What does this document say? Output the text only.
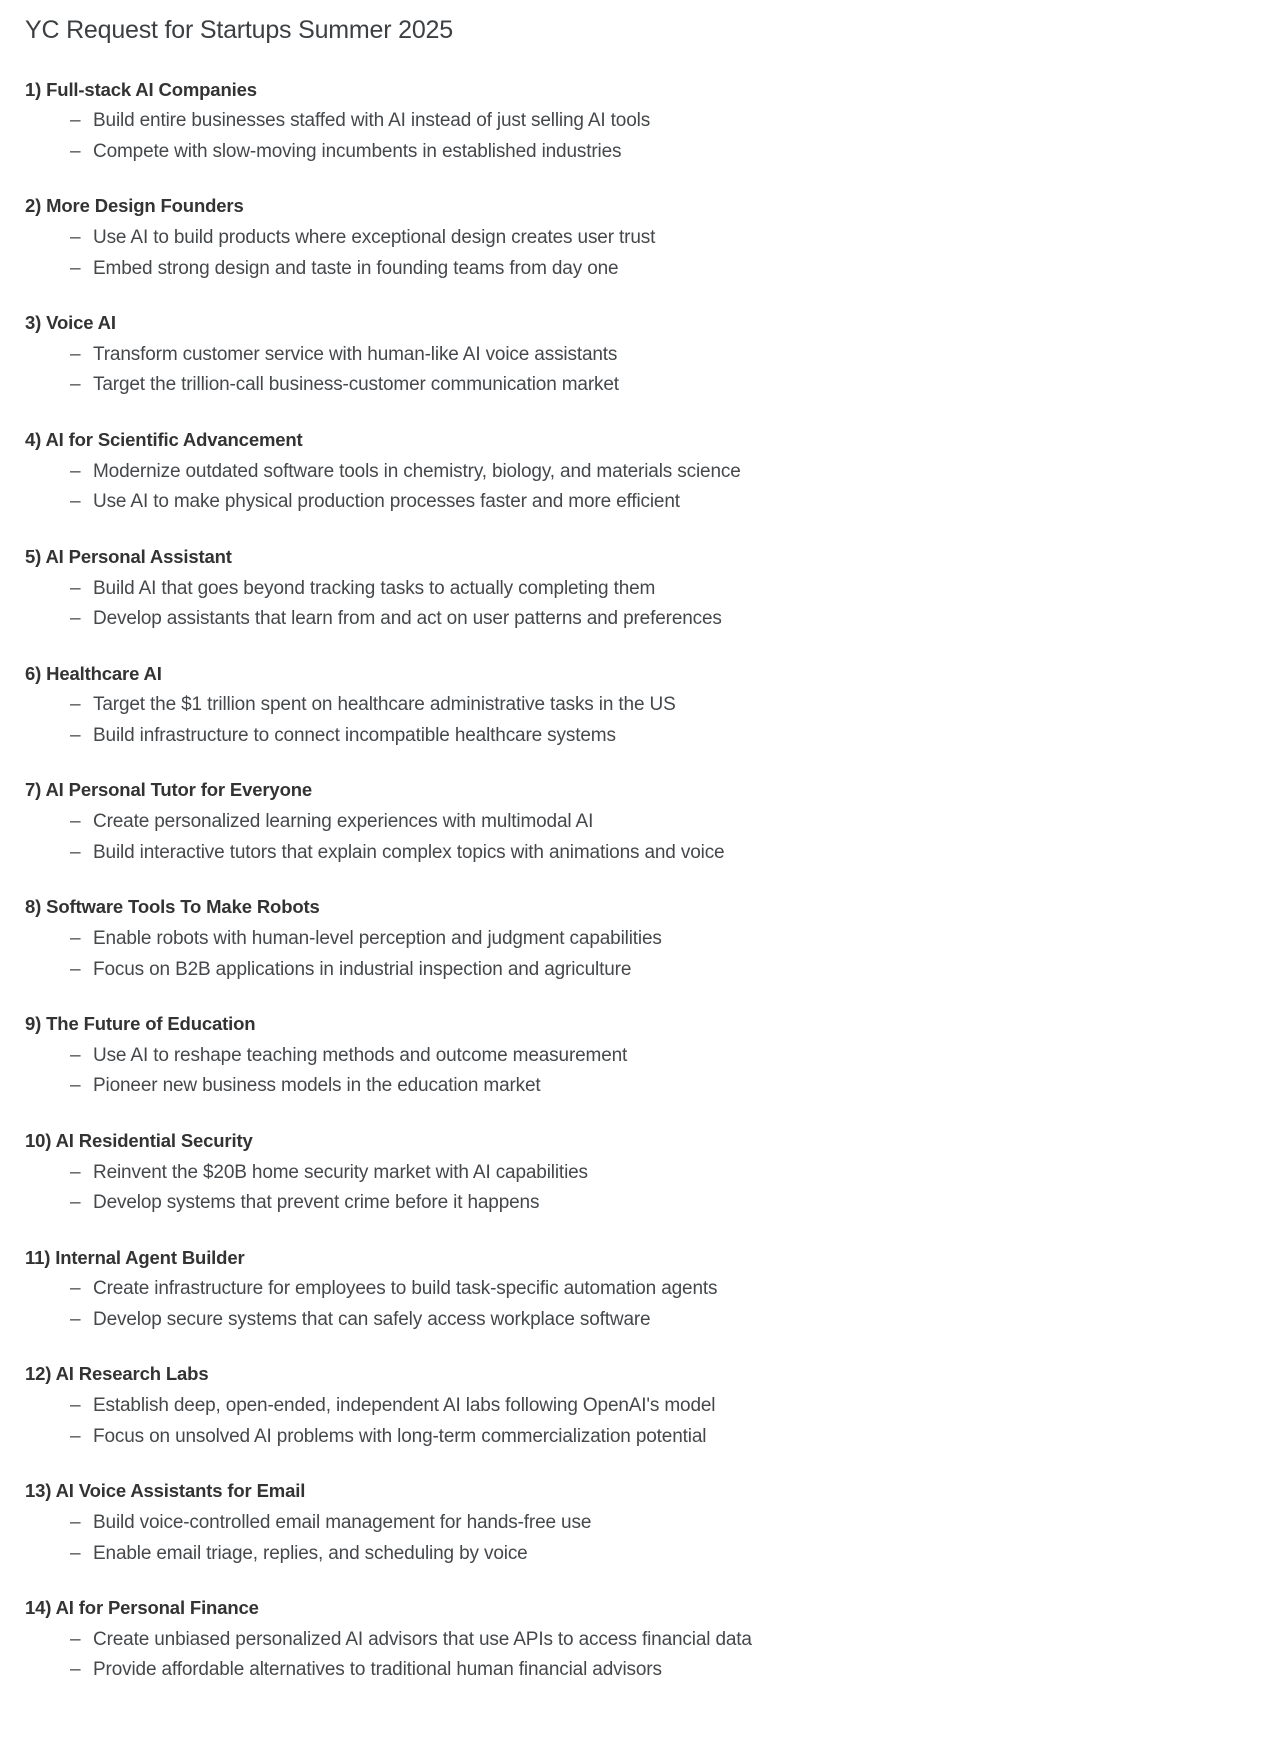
YC Request for Startups Summer 2025
1) Full-stack AI Companies
– Build entire businesses staffed with AI instead of just selling AI tools
– Compete with slow-moving incumbents in established industries
2) More Design Founders
– Use AI to build products where exceptional design creates user trust
– Embed strong design and taste in founding teams from day one
3) Voice AI
– Transform customer service with human-like AI voice assistants
– Target the trillion-call business-customer communication market
4) AI for Scientific Advancement
– Modernize outdated software tools in chemistry, biology, and materials science
– Use AI to make physical production processes faster and more efficient
5) AI Personal Assistant
– Build AI that goes beyond tracking tasks to actually completing them
– Develop assistants that learn from and act on user patterns and preferences
6) Healthcare AI
– Target the $1 trillion spent on healthcare administrative tasks in the US
– Build infrastructure to connect incompatible healthcare systems
7) AI Personal Tutor for Everyone
– Create personalized learning experiences with multimodal AI
– Build interactive tutors that explain complex topics with animations and voice
8) Software Tools To Make Robots
– Enable robots with human-level perception and judgment capabilities
– Focus on B2B applications in industrial inspection and agriculture
9) The Future of Education
– Use AI to reshape teaching methods and outcome measurement
– Pioneer new business models in the education market
10) AI Residential Security
– Reinvent the $20B home security market with AI capabilities
– Develop systems that prevent crime before it happens
11) Internal Agent Builder
– Create infrastructure for employees to build task-specific automation agents
– Develop secure systems that can safely access workplace software
12) AI Research Labs
– Establish deep, open-ended, independent AI labs following OpenAI's model
– Focus on unsolved AI problems with long-term commercialization potential
13) AI Voice Assistants for Email
– Build voice-controlled email management for hands-free use
– Enable email triage, replies, and scheduling by voice
14) AI for Personal Finance
– Create unbiased personalized AI advisors that use APIs to access financial data
– Provide affordable alternatives to traditional human financial advisors
